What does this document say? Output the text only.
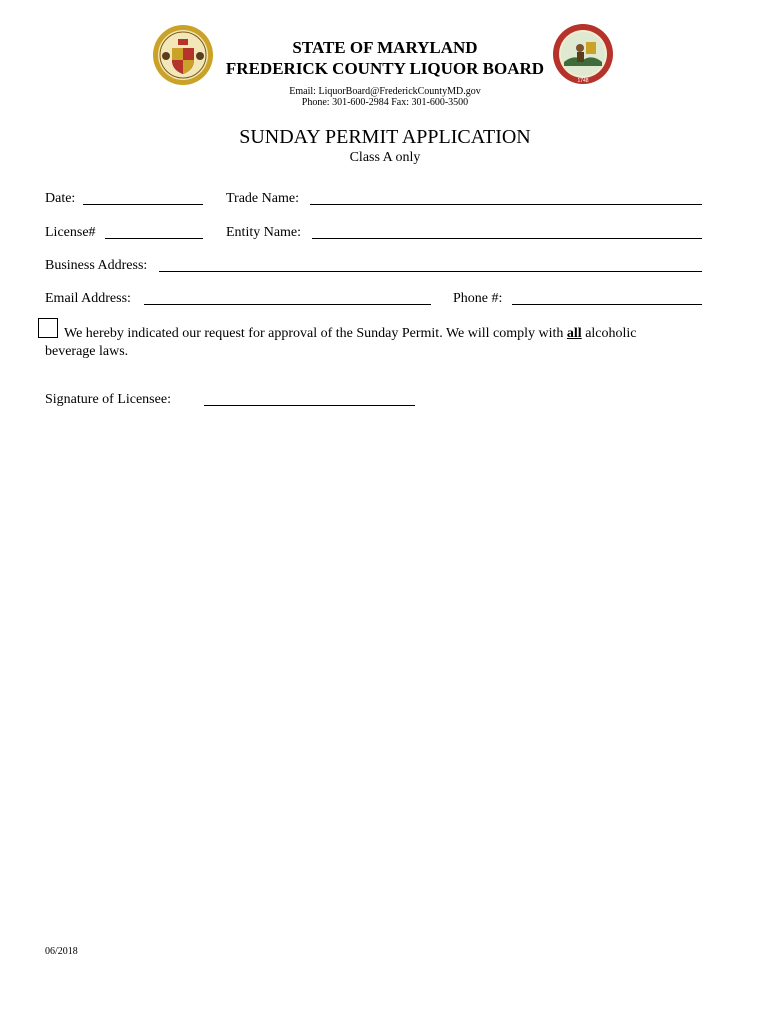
1748
STATE OF MARYLAND
FREDERICK COUNTY LIQUOR BOARD
Email: LiquorBoard@FrederickCountyMD.gov
Phone: 301-600-2984 Fax: 301-600-3500
SUNDAY PERMIT APPLICATION
Class A only
Date:	Trade Name:
License#	Entity Name:
Business Address:
Email Address:	Phone #:
We hereby indicated our request for approval of the Sunday Permit. We will comply with all alcoholic
beverage laws.
Signature of Licensee:
06/2018
